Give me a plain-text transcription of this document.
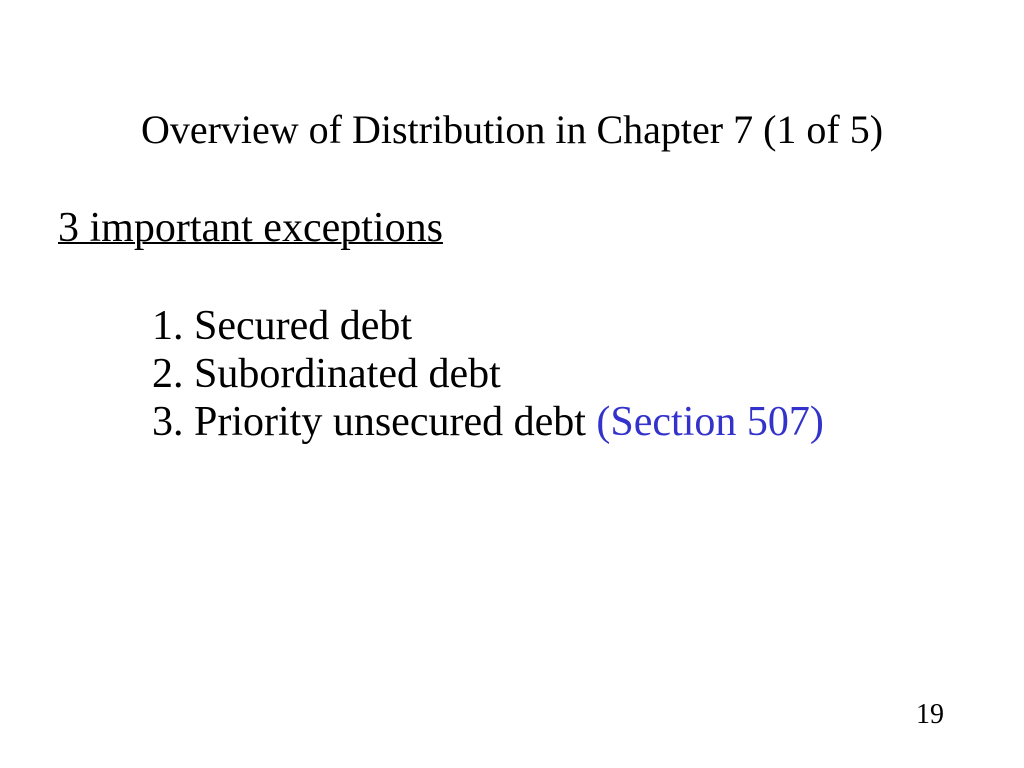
Overview of Distribution in Chapter 7 (1 of 5)
3 important exceptions
1. Secured debt
2. Subordinated debt
3. Priority unsecured debt (Section 507)
19
